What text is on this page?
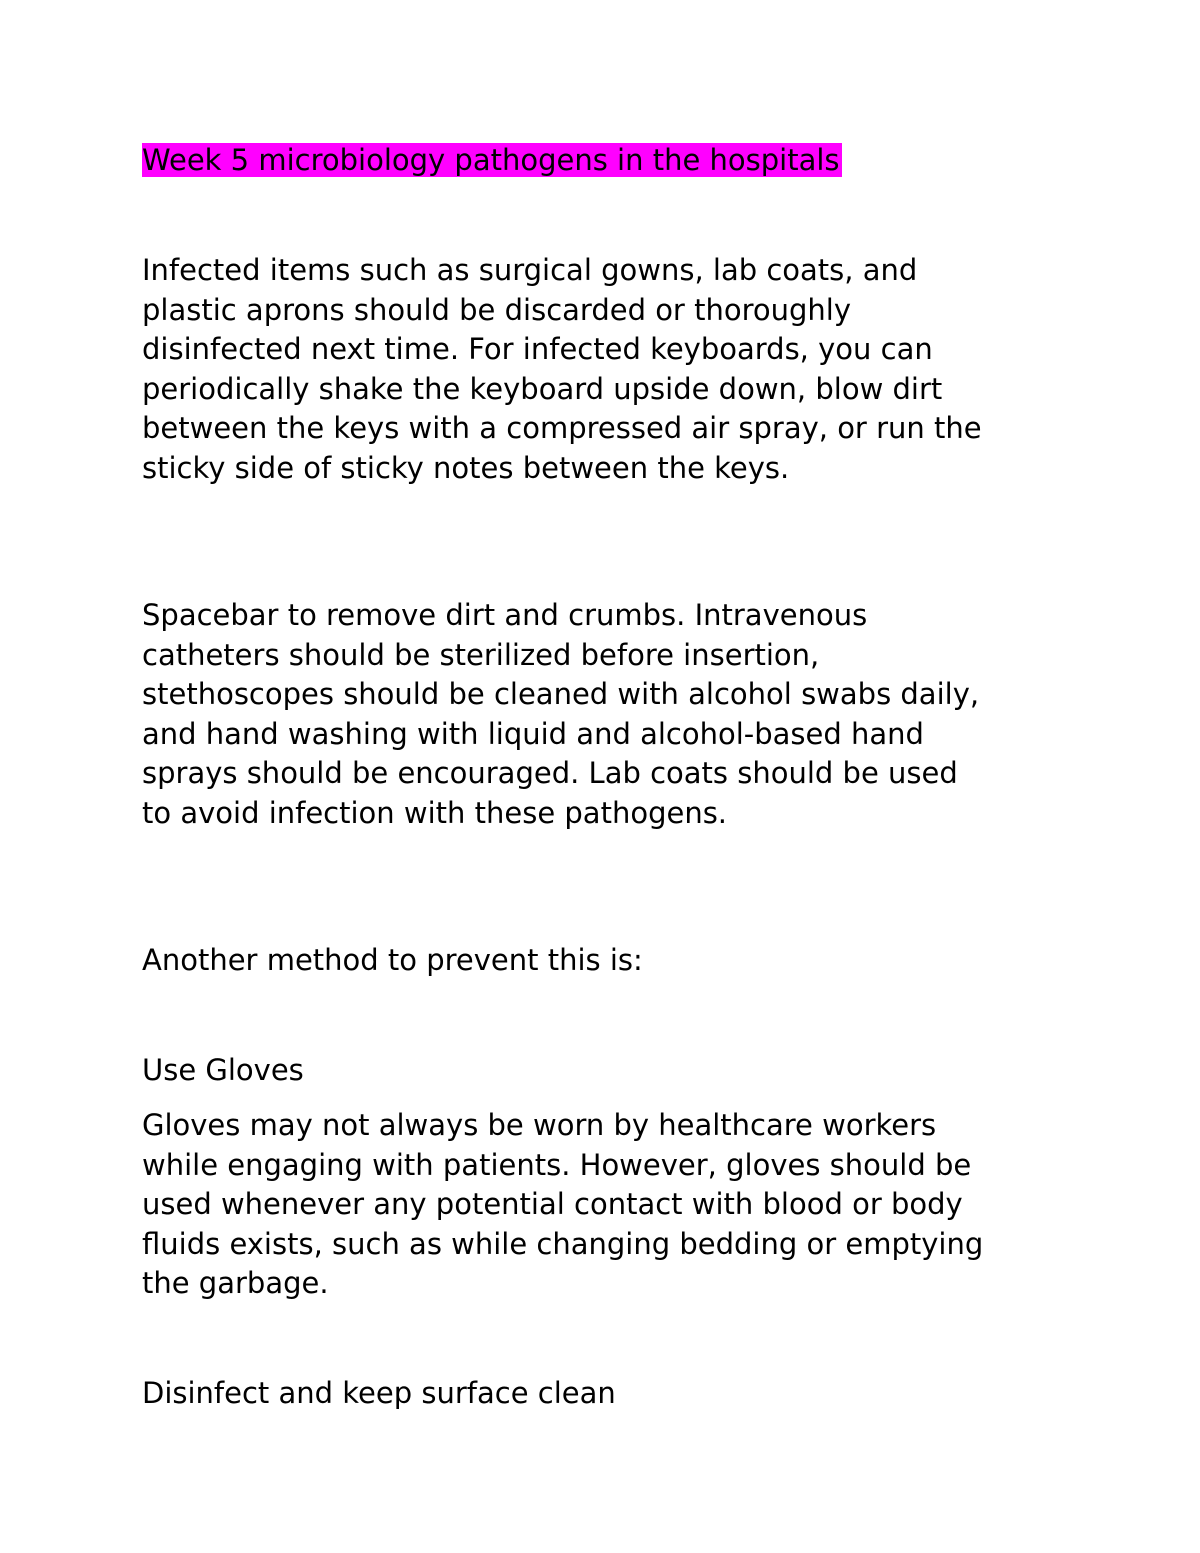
Week 5 microbiology pathogens in the hospitals

Infected items such as surgical gowns, lab coats, and
plastic aprons should be discarded or thoroughly
disinfected next time. For infected keyboards, you can
periodically shake the keyboard upside down, blow dirt
between the keys with a compressed air spray, or run the
sticky side of sticky notes between the keys.

Spacebar to remove dirt and crumbs. Intravenous
catheters should be sterilized before insertion,
stethoscopes should be cleaned with alcohol swabs daily,
and hand washing with liquid and alcohol-based hand
sprays should be encouraged. Lab coats should be used
to avoid infection with these pathogens.

Another method to prevent this is:

Use Gloves

Gloves may not always be worn by healthcare workers
while engaging with patients. However, gloves should be
used whenever any potential contact with blood or body
fluids exists, such as while changing bedding or emptying
the garbage.

Disinfect and keep surface clean
